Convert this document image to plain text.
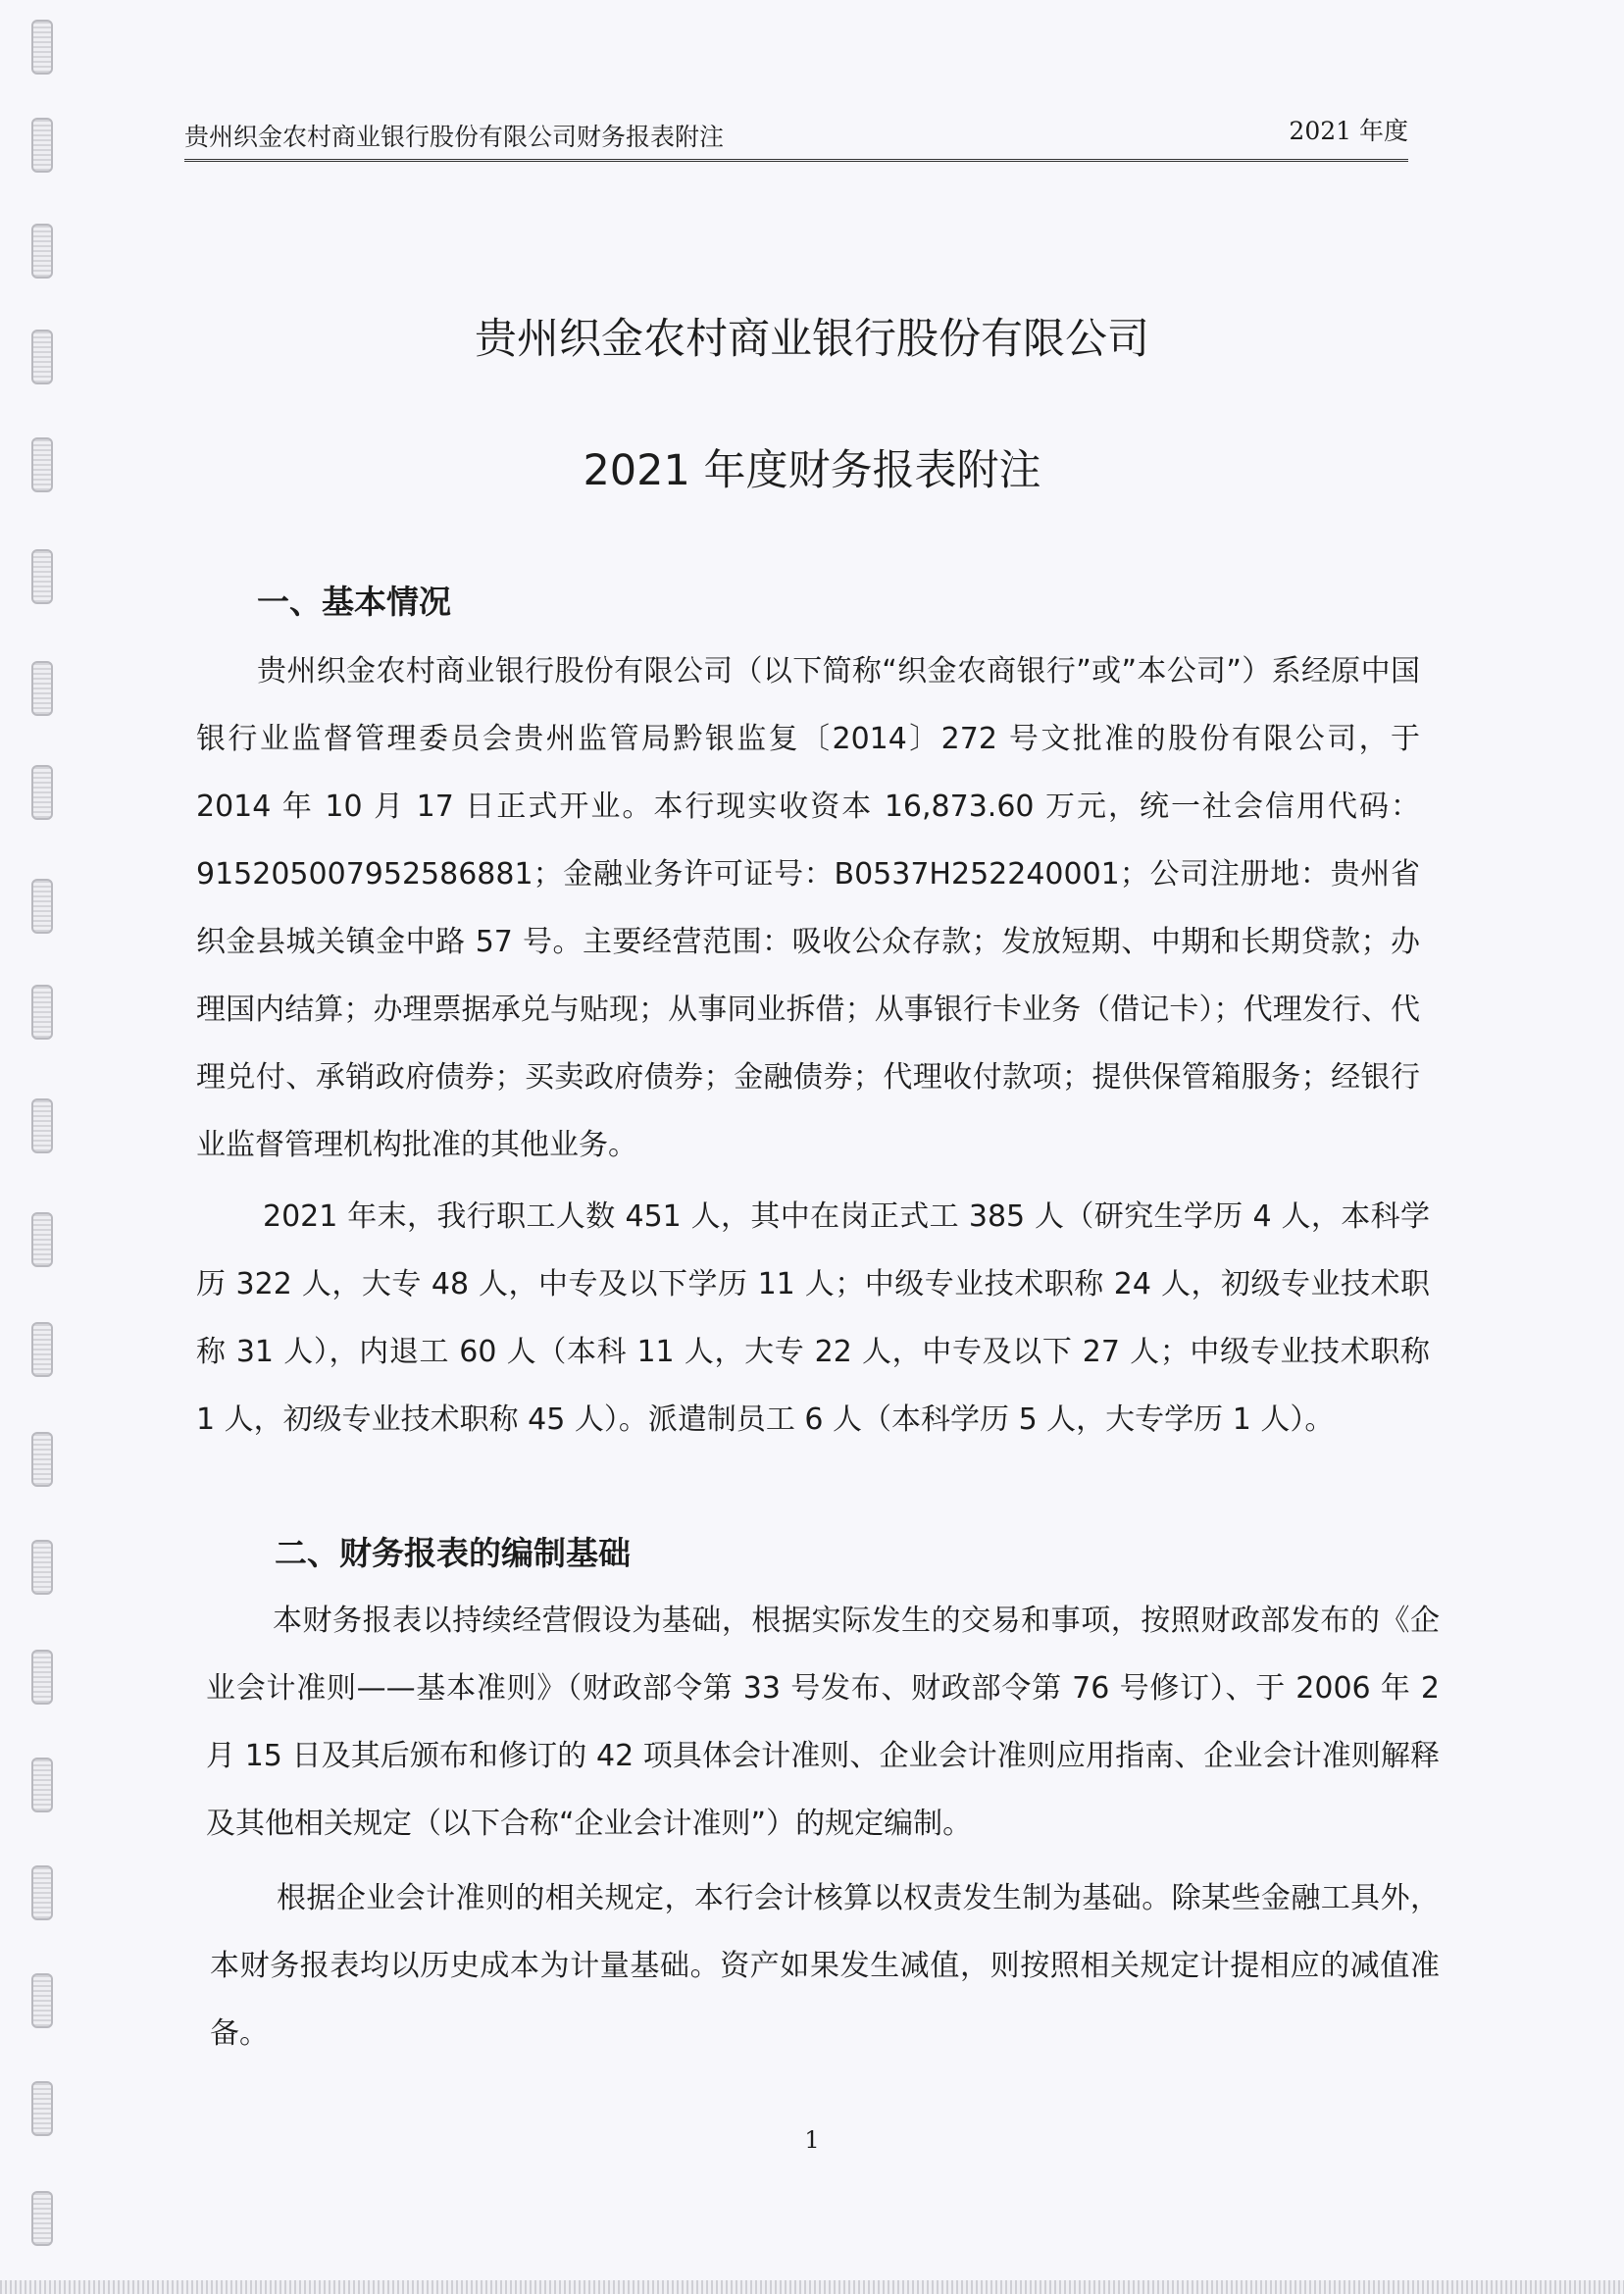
贵州织金农村商业银行股份有限公司财务报表附注	2021 年度
贵州织金农村商业银行股份有限公司
2021 年度财务报表附注
一、基本情况

贵州织金农村商业银行股份有限公司（以下简称“织金农商银行”或”本公司”）系经原中国银行业监督管理委员会贵州监管局黔银监复〔2014〕272 号文批准的股份有限公司，于 2014 年 10 月 17 日正式开业。本行现实收资本 16,873.60 万元，统一社会信用代码：915205007952586881；金融业务许可证号：B0537H252240001；公司注册地：贵州省织金县城关镇金中路 57 号。主要经营范围：吸收公众存款；发放短期、中期和长期贷款；办理国内结算；办理票据承兑与贴现；从事同业拆借；从事银行卡业务（借记卡）；代理发行、代理兑付、承销政府债券；买卖政府债券；金融债券；代理收付款项；提供保管箱服务；经银行业监督管理机构批准的其他业务。

2021 年末，我行职工人数 451 人，其中在岗正式工 385 人（研究生学历 4 人，本科学历 322 人，大专 48 人，中专及以下学历 11 人；中级专业技术职称 24 人，初级专业技术职称 31 人），内退工 60 人（本科 11 人，大专 22 人，中专及以下 27 人；中级专业技术职称 1 人，初级专业技术职称 45 人）。派遣制员工 6 人（本科学历 5 人，大专学历 1 人）。

二、财务报表的编制基础

本财务报表以持续经营假设为基础，根据实际发生的交易和事项，按照财政部发布的《企业会计准则——基本准则》（财政部令第 33 号发布、财政部令第 76 号修订）、于 2006 年 2 月 15 日及其后颁布和修订的 42 项具体会计准则、企业会计准则应用指南、企业会计准则解释及其他相关规定（以下合称“企业会计准则”）的规定编制。

根据企业会计准则的相关规定，本行会计核算以权责发生制为基础。除某些金融工具外，本财务报表均以历史成本为计量基础。资产如果发生减值，则按照相关规定计提相应的减值准备。

1
